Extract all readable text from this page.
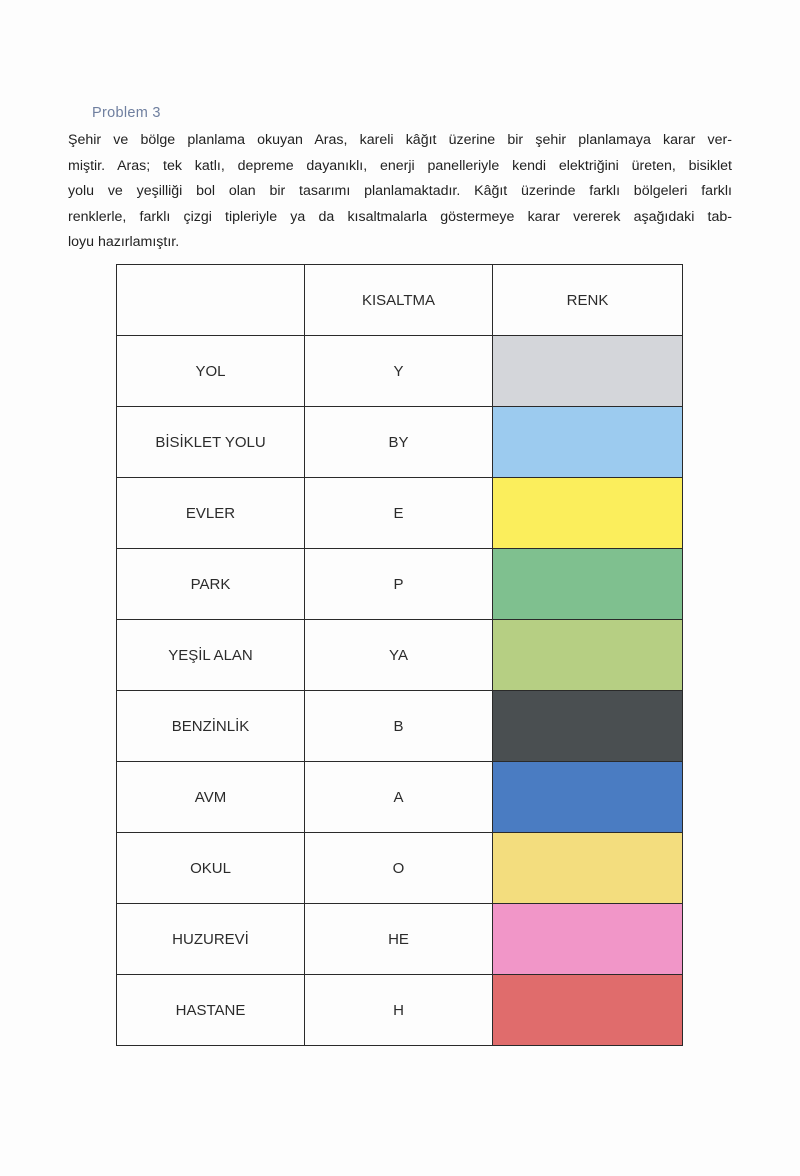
Problem 3
Şehir ve bölge planlama okuyan Aras, kareli kâğıt üzerine bir şehir planlamaya karar ver-
miştir. Aras; tek katlı, depreme dayanıklı, enerji panelleriyle kendi elektriğini üreten, bisiklet
yolu ve yeşilliği bol olan bir tasarımı planlamaktadır. Kâğıt üzerinde farklı bölgeleri farklı
renklerle, farklı çizgi tipleriyle ya da kısaltmalarla göstermeye karar vererek aşağıdaki tab-
loyu hazırlamıştır.
	KISALTMA	RENK
YOL	Y	

BİSİKLET YOLU	BY	

EVLER	E	

PARK	P	

YEŞİL ALAN	YA	

BENZİNLİK	B	

AVM	A	

OKUL	O	

HUZUREVİ	HE	

HASTANE	H	
